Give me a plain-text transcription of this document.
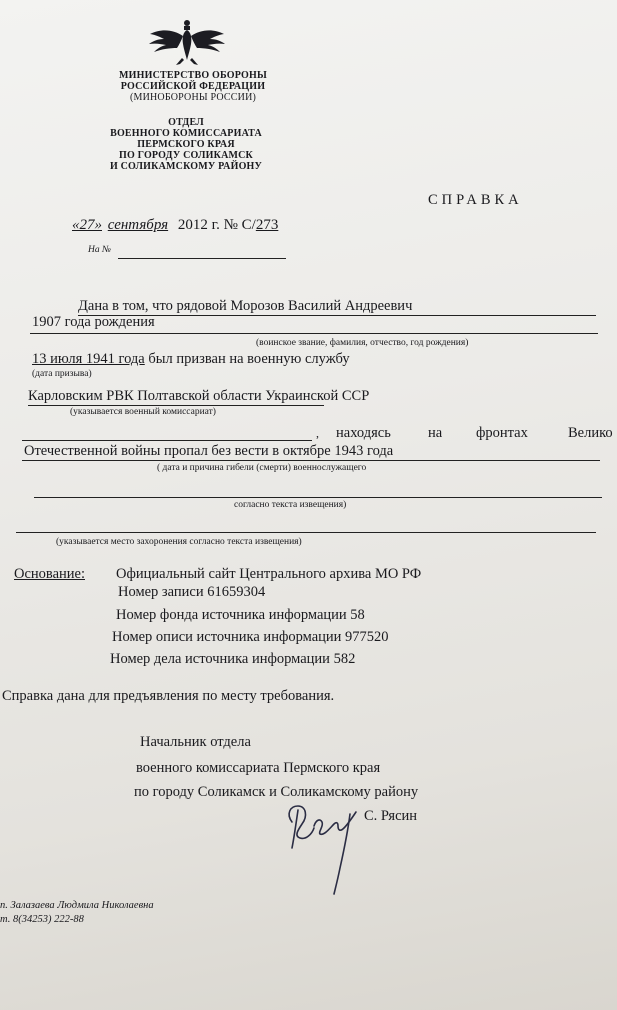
МИНИСТЕРСТВО ОБОРОНЫ
РОССИЙСКОЙ ФЕДЕРАЦИИ
(МИНОБОРОНЫ РОССИИ)
ОТДЕЛ
ВОЕННОГО КОМИССАРИАТА
ПЕРМСКОГО КРАЯ
ПО ГОРОДУ СОЛИКАМСК
И СОЛИКАМСКОМУ РАЙОНУ
СПРАВКА
«27» сентября 2012 г. № С/273
На №
Дана в том, что рядовой Морозов Василий Андреевич
1907 года рождения
(воинское звание, фамилия, отчество, год рождения)
13 июля 1941 года был призван на военную службу
(дата призыва)
Карловским РВК Полтавской области Украинской ССР
(указывается военный комиссариат)
, находясь	на фронтах	Велико
Отечественной войны пропал без вести в октябре 1943 года
( дата и причина гибели (смерти) военнослужащего
согласно текста извещения)
(указывается место захоронения согласно текста извещения)
Основание: Официальный сайт Центрального архива МО РФ
Номер записи 61659304
Номер фонда источника информации 58
Номер описи источника информации 977520
Номер дела источника информации 582
Справка дана для предъявления по месту требования.
Начальник отдела
военного комиссариата Пермского края
по городу Соликамск и Соликамскому району
С. Рясин
п. Залазаева Людмила Николаевна
т. 8(34253) 222-88
